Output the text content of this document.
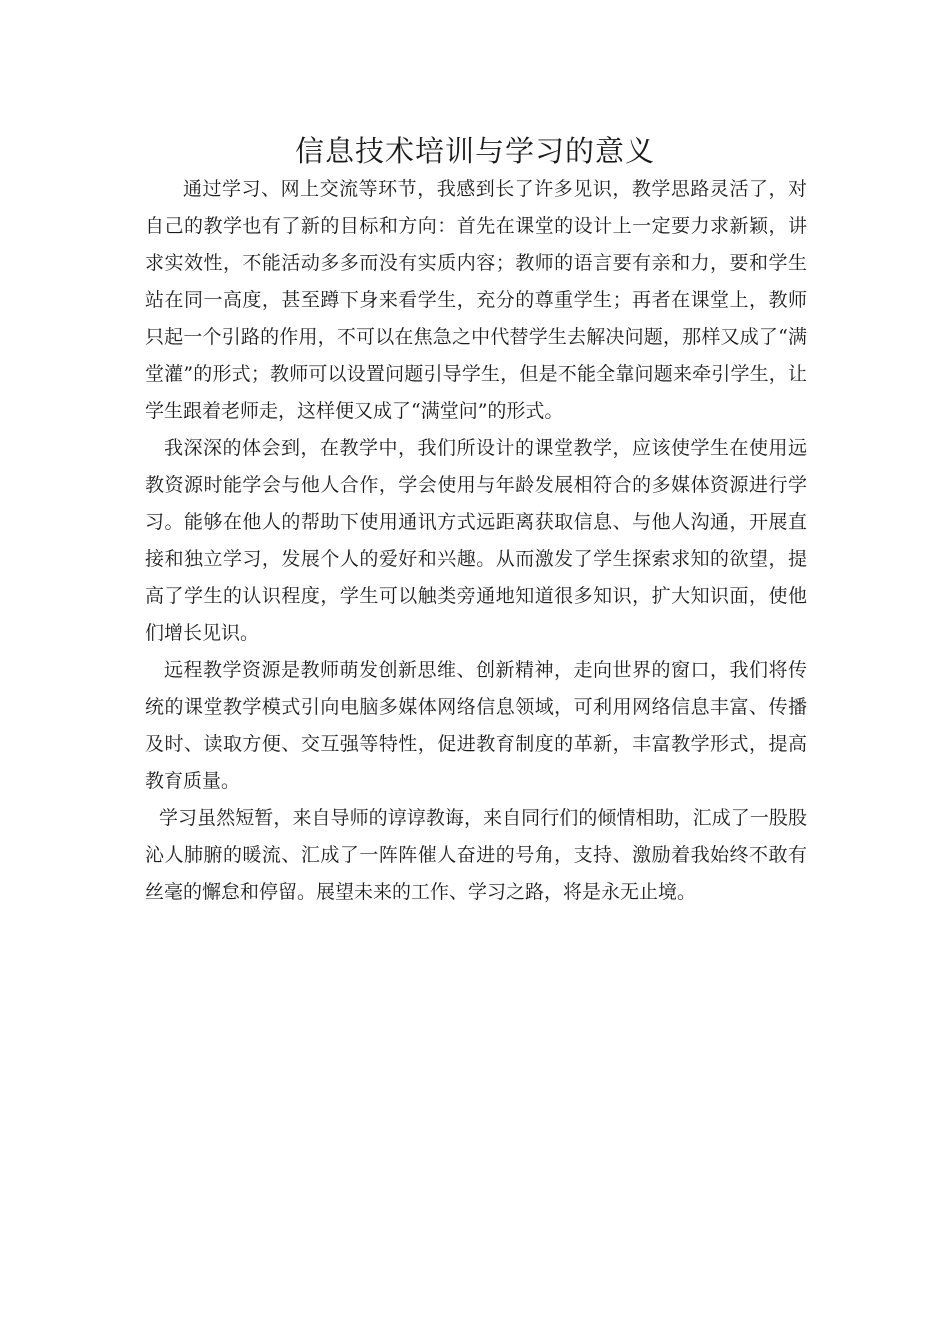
信息技术培训与学习的意义

通过学习、网上交流等环节，我感到长了许多见识，教学思路灵活了，对自己的教学也有了新的目标和方向：首先在课堂的设计上一定要力求新颖，讲求实效性，不能活动多多而没有实质内容；教师的语言要有亲和力，要和学生站在同一高度，甚至蹲下身来看学生，充分的尊重学生；再者在课堂上，教师只起一个引路的作用，不可以在焦急之中代替学生去解决问题，那样又成了“满堂灌”的形式；教师可以设置问题引导学生，但是不能全靠问题来牵引学生，让学生跟着老师走，这样便又成了“满堂问”的形式。

我深深的体会到，在教学中，我们所设计的课堂教学，应该使学生在使用远教资源时能学会与他人合作，学会使用与年龄发展相符合的多媒体资源进行学习。能够在他人的帮助下使用通讯方式远距离获取信息、与他人沟通，开展直接和独立学习，发展个人的爱好和兴趣。从而激发了学生探索求知的欲望，提高了学生的认识程度，学生可以触类旁通地知道很多知识，扩大知识面，使他们增长见识。

远程教学资源是教师萌发创新思维、创新精神，走向世界的窗口，我们将传统的课堂教学模式引向电脑多媒体网络信息领域，可利用网络信息丰富、传播及时、读取方便、交互强等特性，促进教育制度的革新，丰富教学形式，提高教育质量。

学习虽然短暂，来自导师的谆谆教诲，来自同行们的倾情相助，汇成了一股股沁人肺腑的暖流、汇成了一阵阵催人奋进的号角，支持、激励着我始终不敢有丝毫的懈怠和停留。展望未来的工作、学习之路，将是永无止境。
